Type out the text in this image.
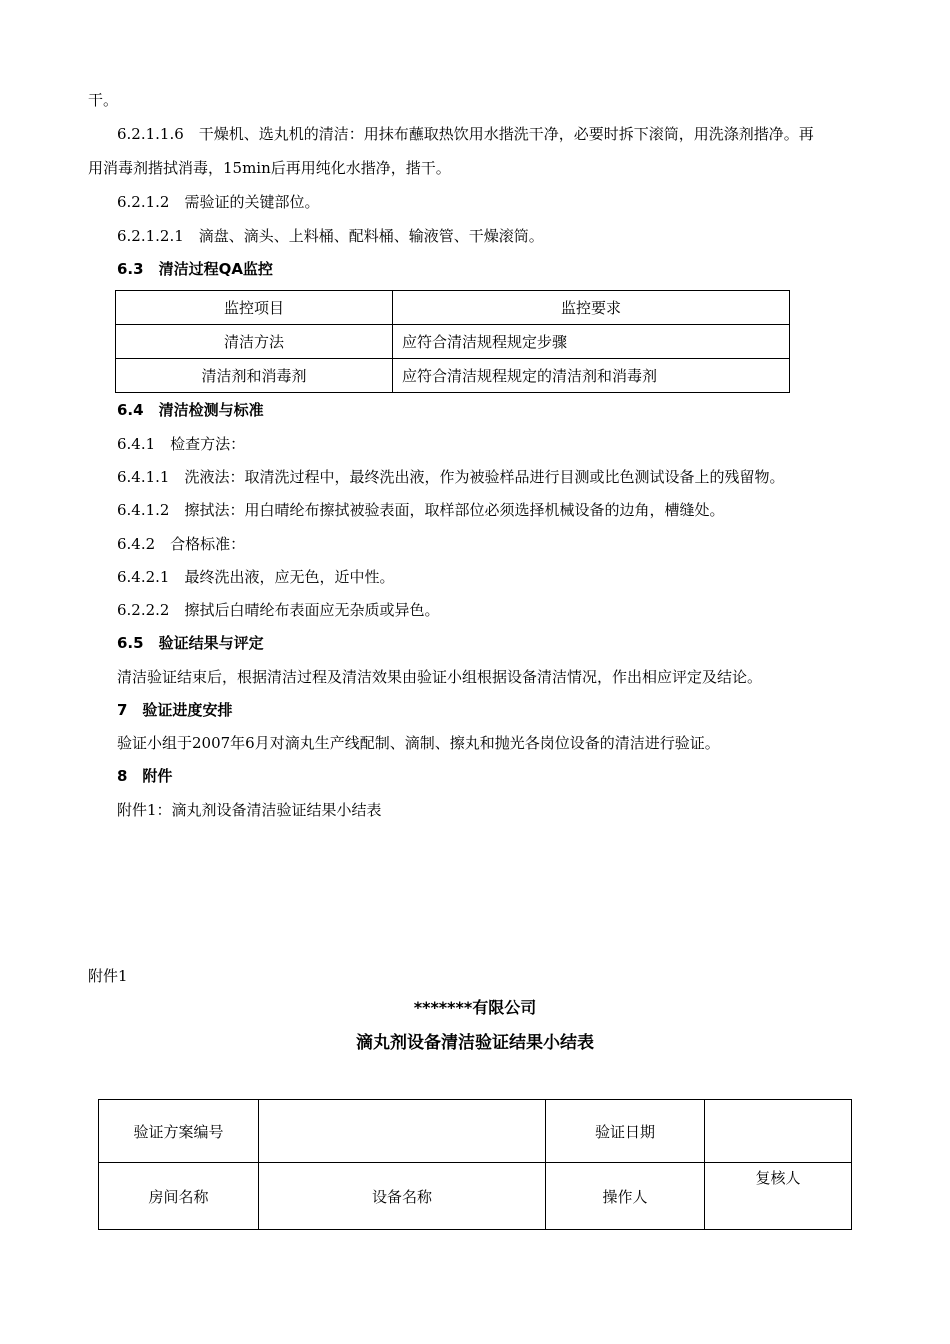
干。
6.2.1.1.6　干燥机、选丸机的清洁：用抹布蘸取热饮用水揩洗干净，必要时拆下滚筒，用洗涤剂揩净。再
用消毒剂揩拭消毒，15min后再用纯化水揩净，揩干。
6.2.1.2　需验证的关键部位。
6.2.1.2.1　滴盘、滴头、上料桶、配料桶、输液管、干燥滚筒。
6.3　清洁过程QA监控
监控项目	监控要求
清洁方法	应符合清洁规程规定步骤
清洁剂和消毒剂	应符合清洁规程规定的清洁剂和消毒剂
6.4　清洁检测与标准
6.4.1　检查方法：
6.4.1.1　洗液法：取清洗过程中，最终洗出液，作为被验样品进行目测或比色测试设备上的残留物。
6.4.1.2　擦拭法：用白晴纶布擦拭被验表面，取样部位必须选择机械设备的边角，槽缝处。
6.4.2　合格标准：
6.4.2.1　最终洗出液，应无色，近中性。
6.2.2.2　擦拭后白晴纶布表面应无杂质或异色。
6.5　验证结果与评定
清洁验证结束后，根据清洁过程及清洁效果由验证小组根据设备清洁情况，作出相应评定及结论。
7　验证进度安排
验证小组于2007年6月对滴丸生产线配制、滴制、擦丸和抛光各岗位设备的清洁进行验证。
8　附件
附件1：滴丸剂设备清洁验证结果小结表
附件1
*******有限公司
滴丸剂设备清洁验证结果小结表
验证方案编号		验证日期	
房间名称	设备名称	操作人	复核人
